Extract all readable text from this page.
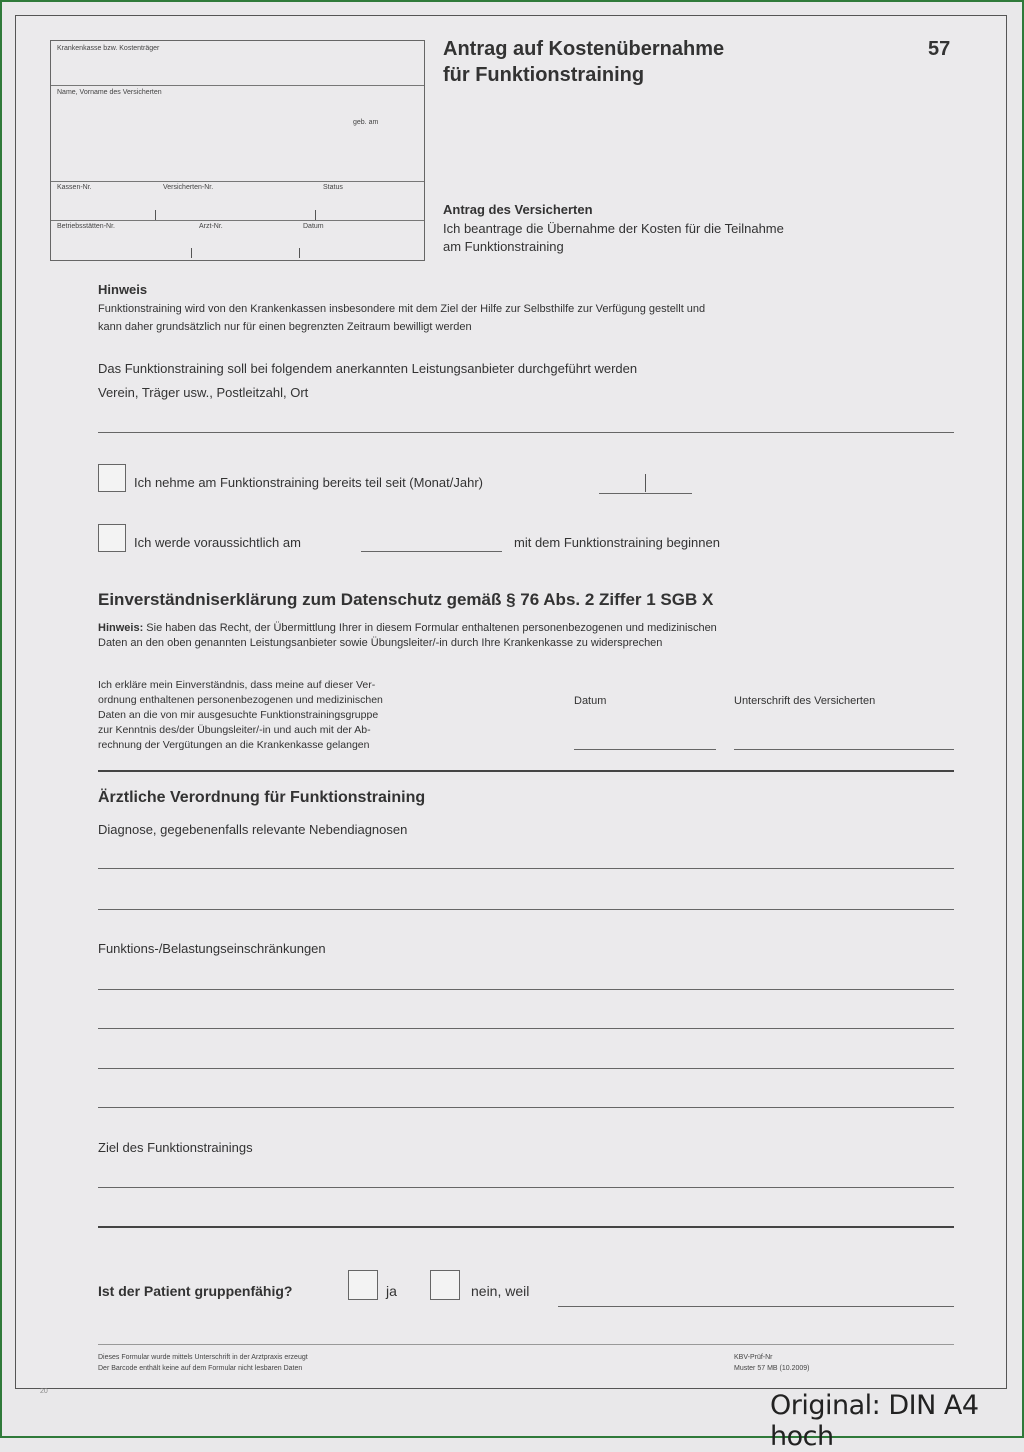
Krankenkasse bzw. Kostenträger
Name, Vorname des Versicherten
geb. am
Kassen-Nr.	Versicherten-Nr.	Status
Betriebsstätten-Nr.	Arzt-Nr.	Datum
Antrag auf Kostenübernahme
für Funktionstraining
57
Antrag des Versicherten
Ich beantrage die Übernahme der Kosten für die Teilnahme
am Funktionstraining
Hinweis
Funktionstraining wird von den Krankenkassen insbesondere mit dem Ziel der Hilfe zur Selbsthilfe zur Verfügung gestellt und
kann daher grundsätzlich nur für einen begrenzten Zeitraum bewilligt werden
Das Funktionstraining soll bei folgendem anerkannten Leistungsanbieter durchgeführt werden
Verein, Träger usw., Postleitzahl, Ort
Ich nehme am Funktionstraining bereits teil seit (Monat/Jahr)
Ich werde voraussichtlich am	mit dem Funktionstraining beginnen
Einverständniserklärung zum Datenschutz gemäß § 76 Abs. 2 Ziffer 1 SGB X
Hinweis: Sie haben das Recht, der Übermittlung Ihrer in diesem Formular enthaltenen personenbezogenen und medizinischen
Daten an den oben genannten Leistungsanbieter sowie Übungsleiter/-in durch Ihre Krankenkasse zu widersprechen
Ich erkläre mein Einverständnis, dass meine auf dieser Ver-
ordnung enthaltenen personenbezogenen und medizinischen
Daten an die von mir ausgesuchte Funktionstrainingsgruppe
zur Kenntnis des/der Übungsleiter/-in und auch mit der Ab-
rechnung der Vergütungen an die Krankenkasse gelangen
Datum	Unterschrift des Versicherten
Ärztliche Verordnung für Funktionstraining
Diagnose, gegebenenfalls relevante Nebendiagnosen
Funktions-/Belastungseinschränkungen
Ziel des Funktionstrainings
Ist der Patient gruppenfähig?	ja	nein, weil
Dieses Formular wurde mittels Unterschrift in der Arztpraxis erzeugt
Der Barcode enthält keine auf dem Formular nicht lesbaren Daten
KBV-Prüf-Nr
Muster 57 MB (10.2009)
20	Original: DIN A4 hoch
